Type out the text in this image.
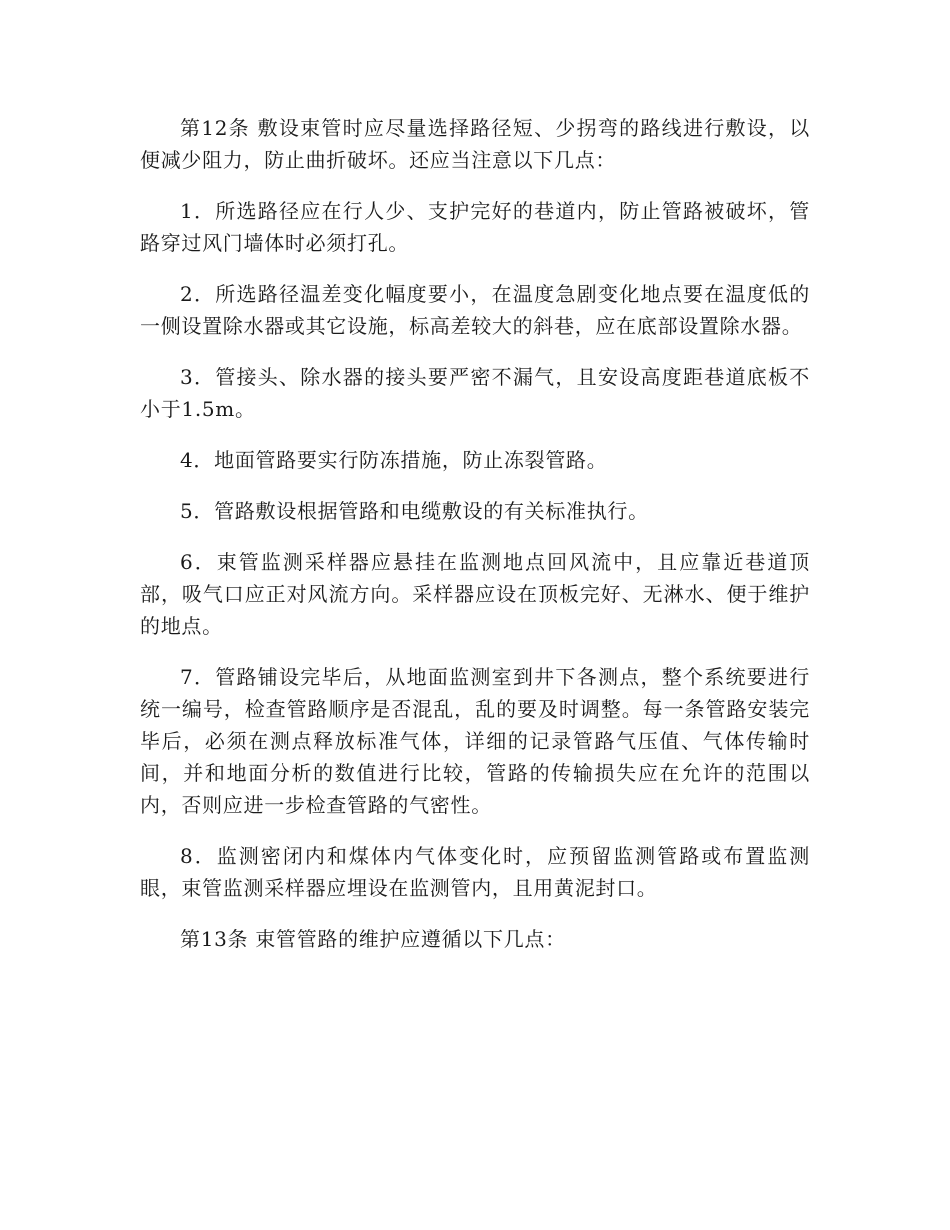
第12条 敷设束管时应尽量选择路径短、少拐弯的路线进行敷设，以便减少阻力，防止曲折破坏。还应当注意以下几点：

1．所选路径应在行人少、支护完好的巷道内，防止管路被破坏，管路穿过风门墙体时必须打孔。

2．所选路径温差变化幅度要小，在温度急剧变化地点要在温度低的一侧设置除水器或其它设施，标高差较大的斜巷，应在底部设置除水器。

3．管接头、除水器的接头要严密不漏气，且安设高度距巷道底板不小于1.5m。

4．地面管路要实行防冻措施，防止冻裂管路。

5．管路敷设根据管路和电缆敷设的有关标准执行。

6．束管监测采样器应悬挂在监测地点回风流中，且应靠近巷道顶部，吸气口应正对风流方向。采样器应设在顶板完好、无淋水、便于维护的地点。

7．管路铺设完毕后，从地面监测室到井下各测点，整个系统要进行统一编号，检查管路顺序是否混乱，乱的要及时调整。每一条管路安装完毕后，必须在测点释放标准气体，详细的记录管路气压值、气体传输时间，并和地面分析的数值进行比较，管路的传输损失应在允许的范围以内，否则应进一步检查管路的气密性。

8．监测密闭内和煤体内气体变化时，应预留监测管路或布置监测眼，束管监测采样器应埋设在监测管内，且用黄泥封口。

第13条 束管管路的维护应遵循以下几点：
